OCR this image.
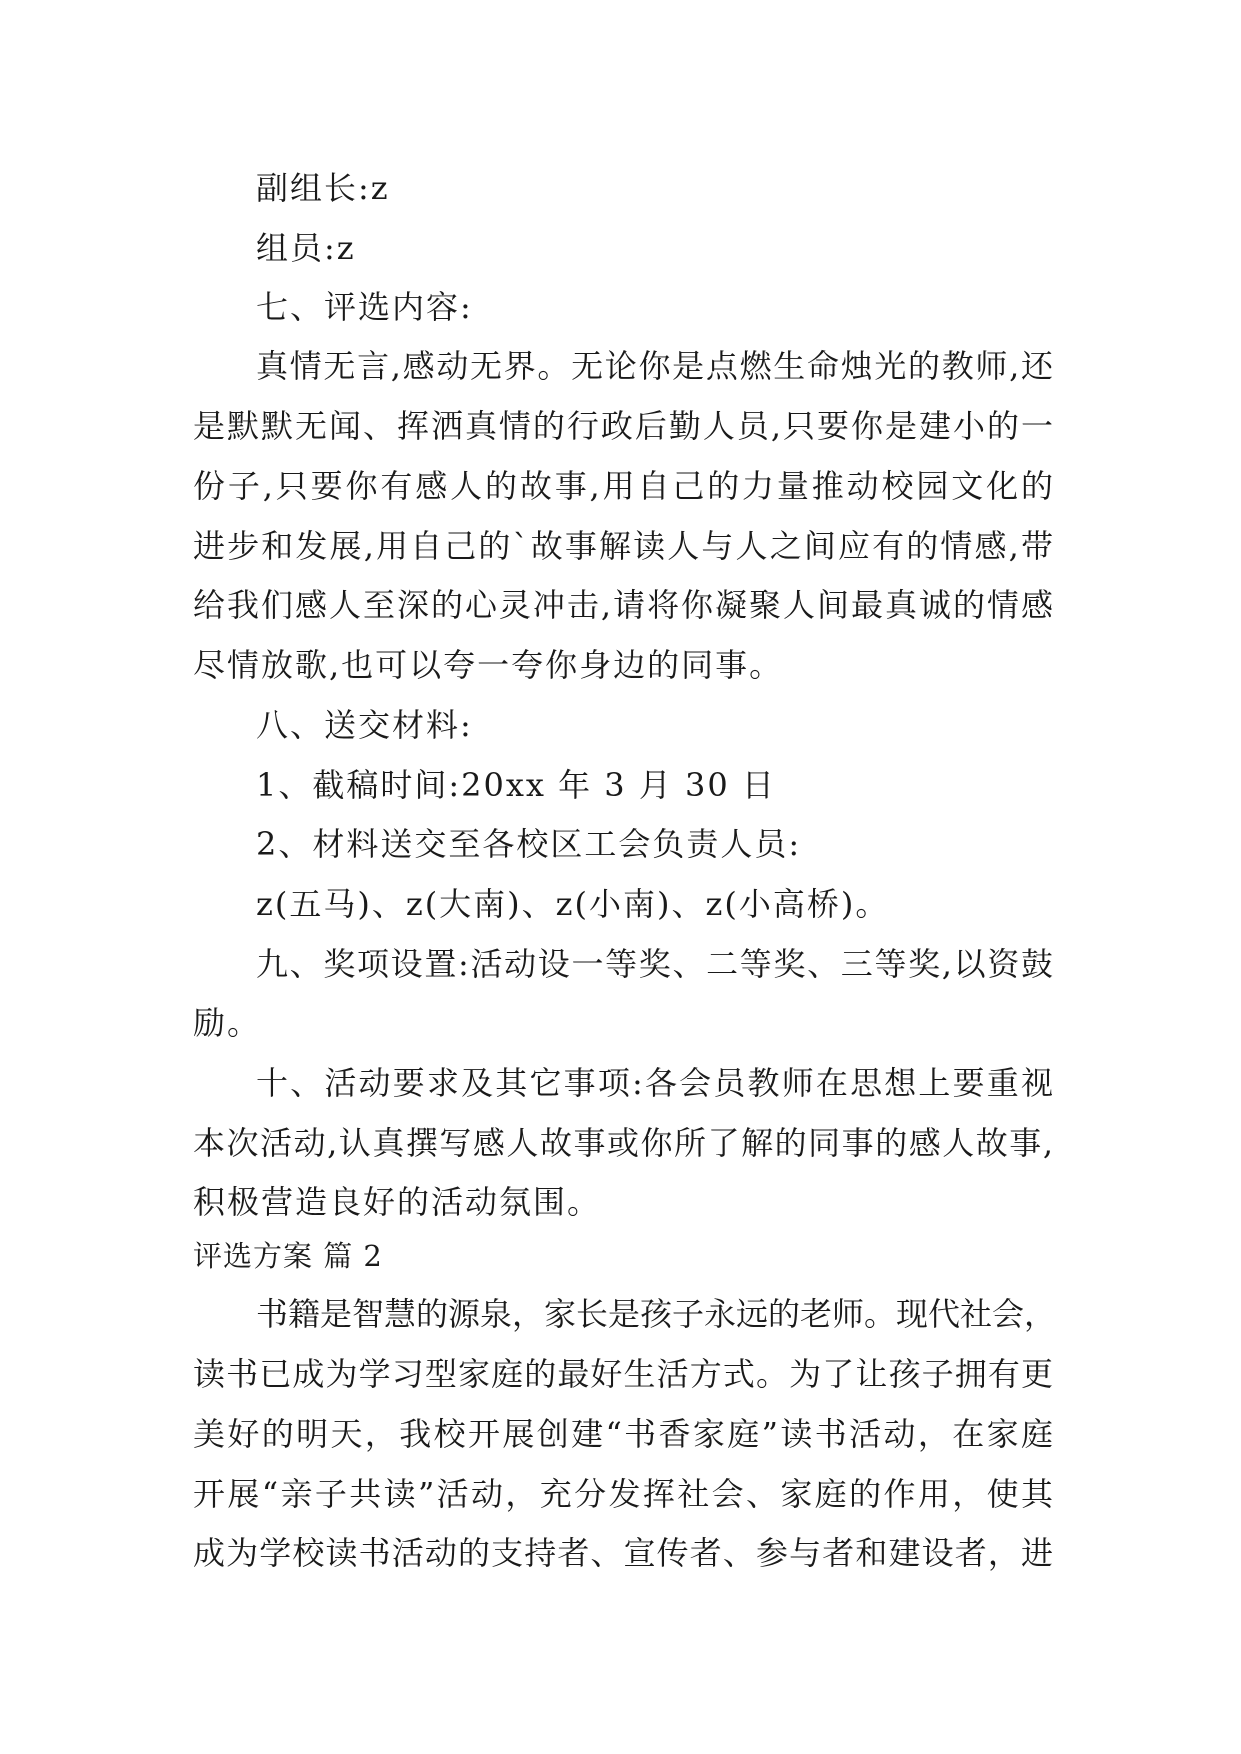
副组长:z
组员:z
七、评选内容:
真情无言,感动无界。无论你是点燃生命烛光的教师,还
是默默无闻、挥洒真情的行政后勤人员,只要你是建小的一
份子,只要你有感人的故事,用自己的力量推动校园文化的
进步和发展,用自己的`故事解读人与人之间应有的情感,带
给我们感人至深的心灵冲击,请将你凝聚人间最真诚的情感
尽情放歌,也可以夸一夸你身边的同事。
八、送交材料:
1、截稿时间:20xx 年 3 月 30 日
2、材料送交至各校区工会负责人员:
z(五马)、z(大南)、z(小南)、z(小高桥)。
九、奖项设置:活动设一等奖、二等奖、三等奖,以资鼓
励。
十、活动要求及其它事项:各会员教师在思想上要重视
本次活动,认真撰写感人故事或你所了解的同事的感人故事,
积极营造良好的活动氛围。
评选方案 篇 2
书籍是智慧的源泉，家长是孩子永远的老师。现代社会，
读书已成为学习型家庭的最好生活方式。为了让孩子拥有更
美好的明天，我校开展创建“书香家庭”读书活动，在家庭
开展“亲子共读”活动，充分发挥社会、家庭的作用，使其
成为学校读书活动的支持者、宣传者、参与者和建设者，进
